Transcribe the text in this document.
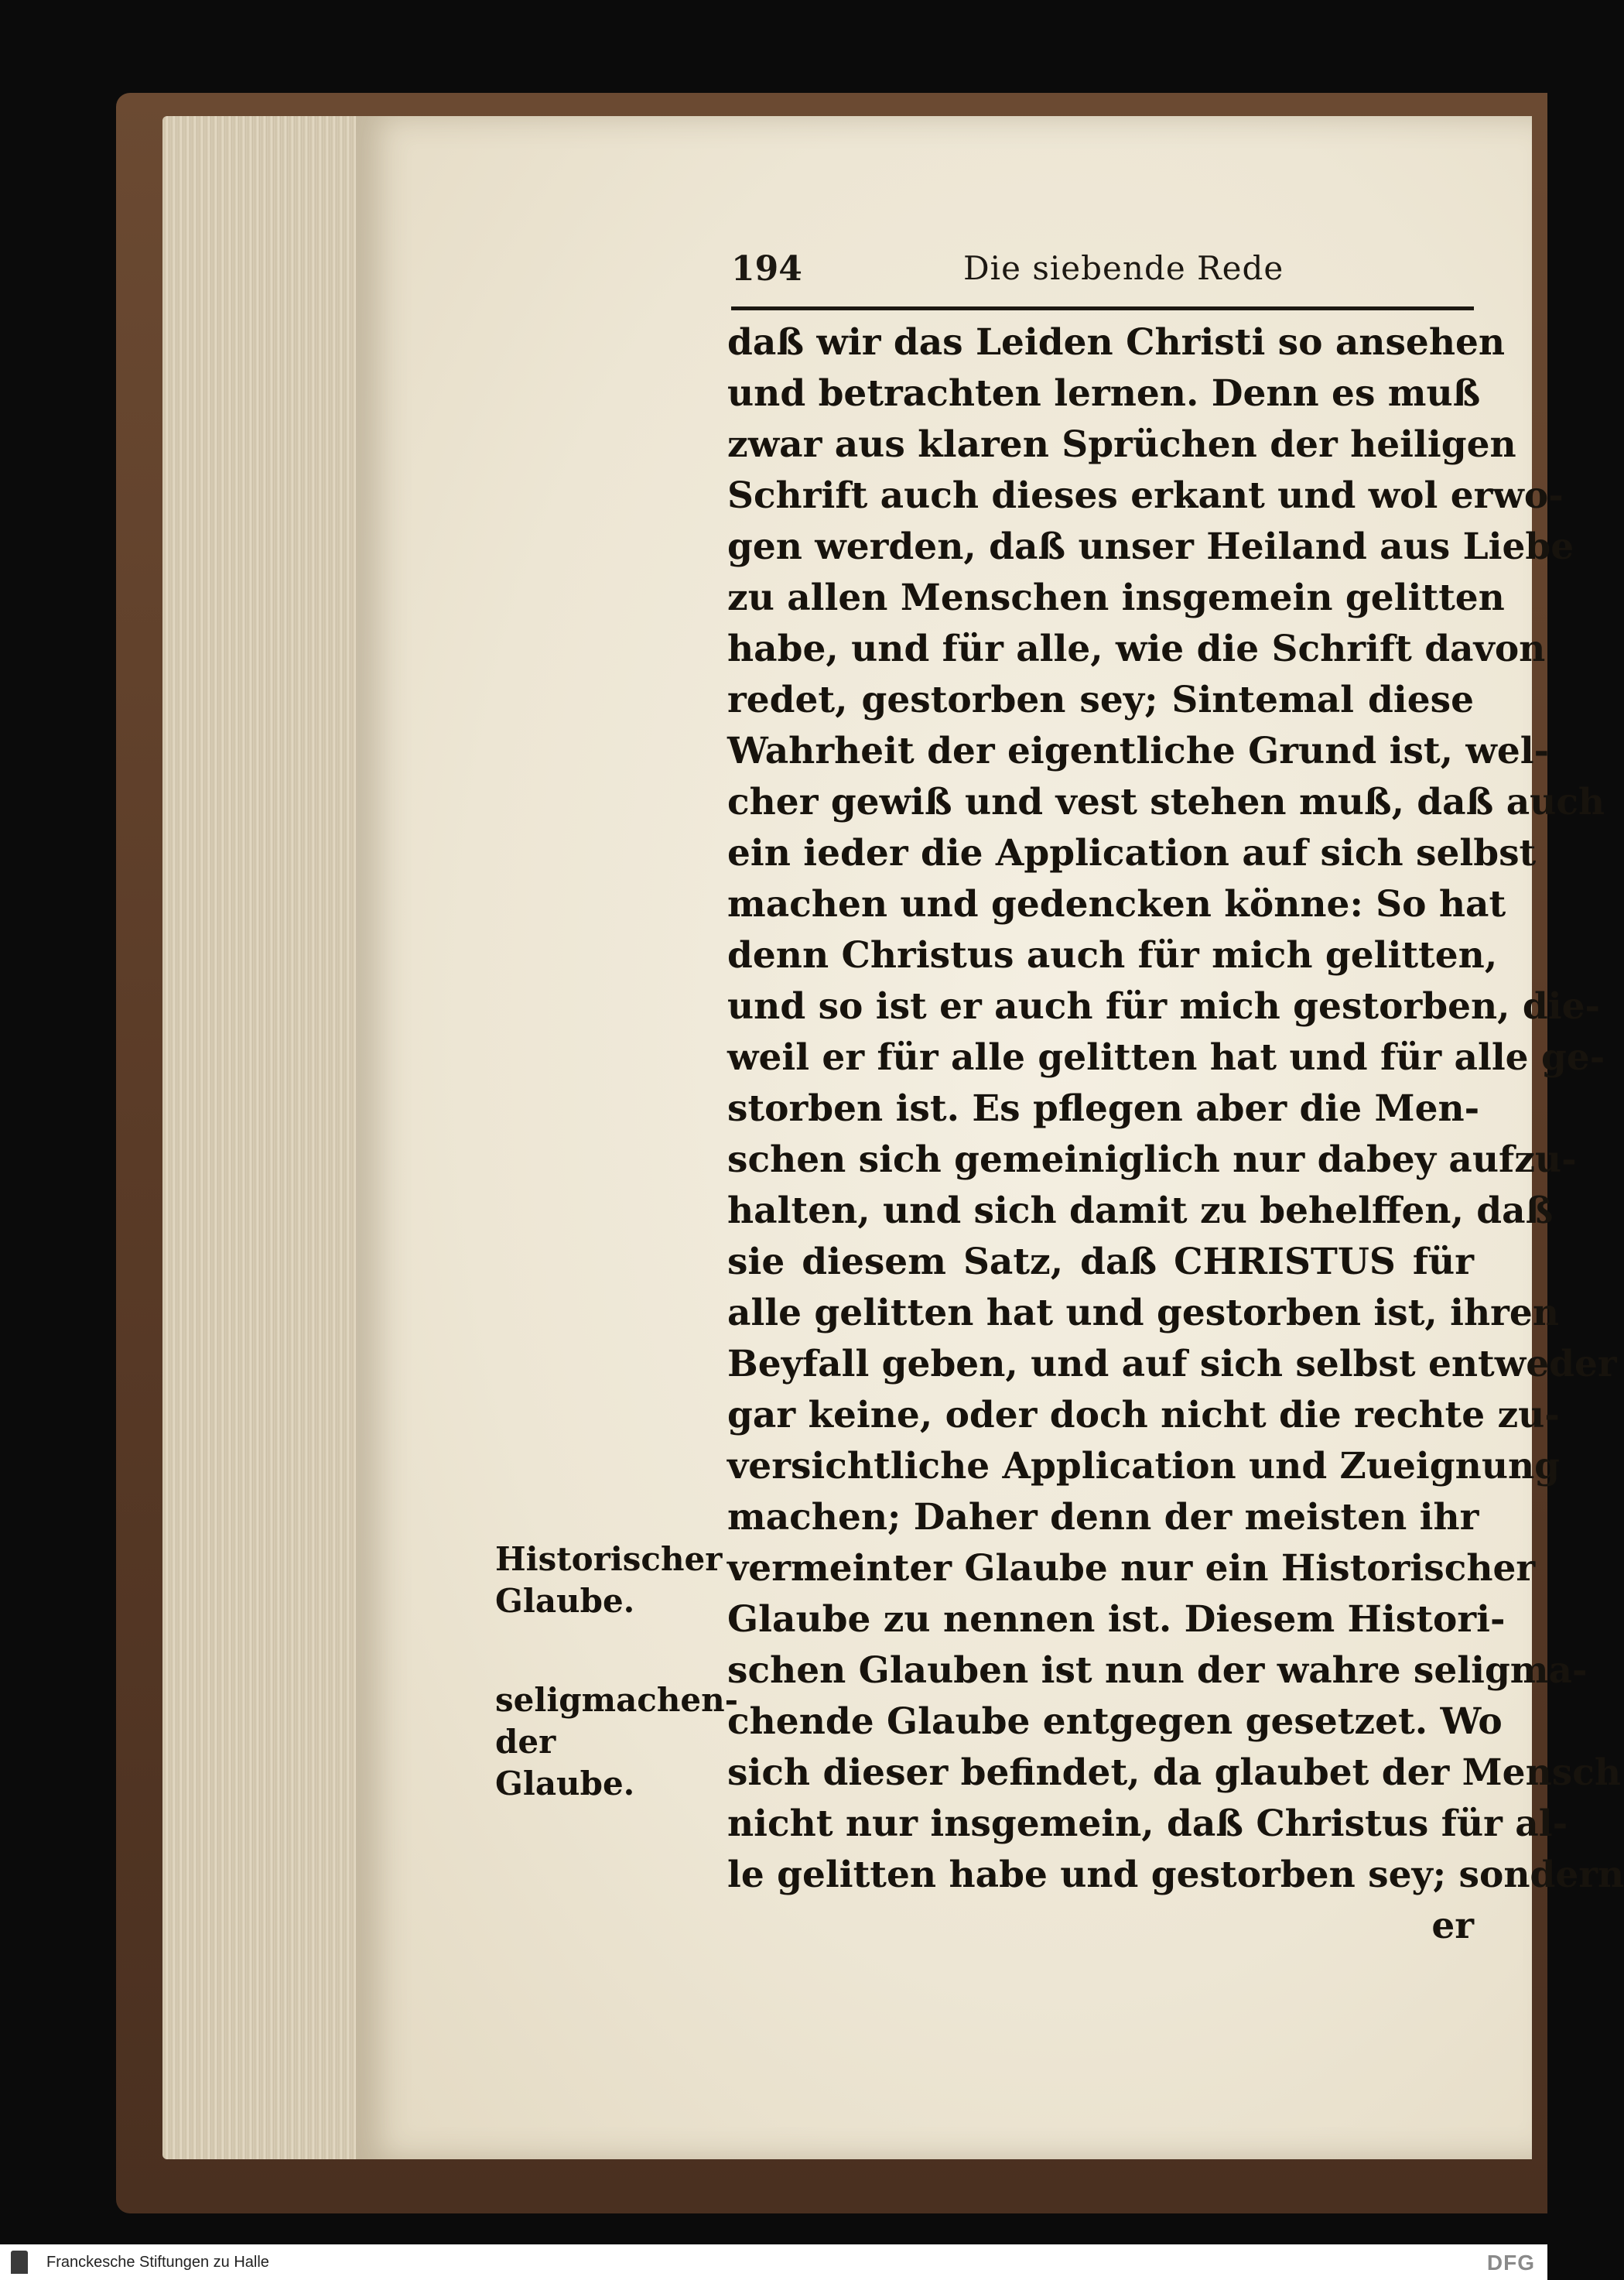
194	Die siebende Rede
daß wir das Leiden Christi so ansehen
und betrachten lernen. Denn es muß
zwar aus klaren Sprüchen der heiligen
Schrift auch dieses erkant und wol erwo-
gen werden, daß unser Heiland aus Liebe
zu allen Menschen insgemein gelitten
habe, und für alle, wie die Schrift davon
redet, gestorben sey; Sintemal diese
Wahrheit der eigentliche Grund ist, wel-
cher gewiß und vest stehen muß, daß auch
ein ieder die Application auf sich selbst
machen und gedencken könne: So hat
denn Christus auch für mich gelitten,
und so ist er auch für mich gestorben, die-
weil er für alle gelitten hat und für alle ge-
storben ist. Es pflegen aber die Men-
schen sich gemeiniglich nur dabey aufzu-
halten, und sich damit zu behelffen, daß
sie diesem Satz, daß CHRISTUS für
alle gelitten hat und gestorben ist, ihren
Beyfall geben, und auf sich selbst entweder
gar keine, oder doch nicht die rechte zu-
versichtliche Application und Zueignung
machen; Daher denn der meisten ihr
vermeinter Glaube nur ein Historischer
Glaube zu nennen ist. Diesem Histori-
schen Glauben ist nun der wahre seligma-
chende Glaube entgegen gesetzet. Wo
sich dieser befindet, da glaubet der Mensch
nicht nur insgemein, daß Christus für al-
le gelitten habe und gestorben sey; sondern
er
Historischer
Glaube.
seligmachen-
der Glaube.
Franckesche Stiftungen zu Halle	DFG
